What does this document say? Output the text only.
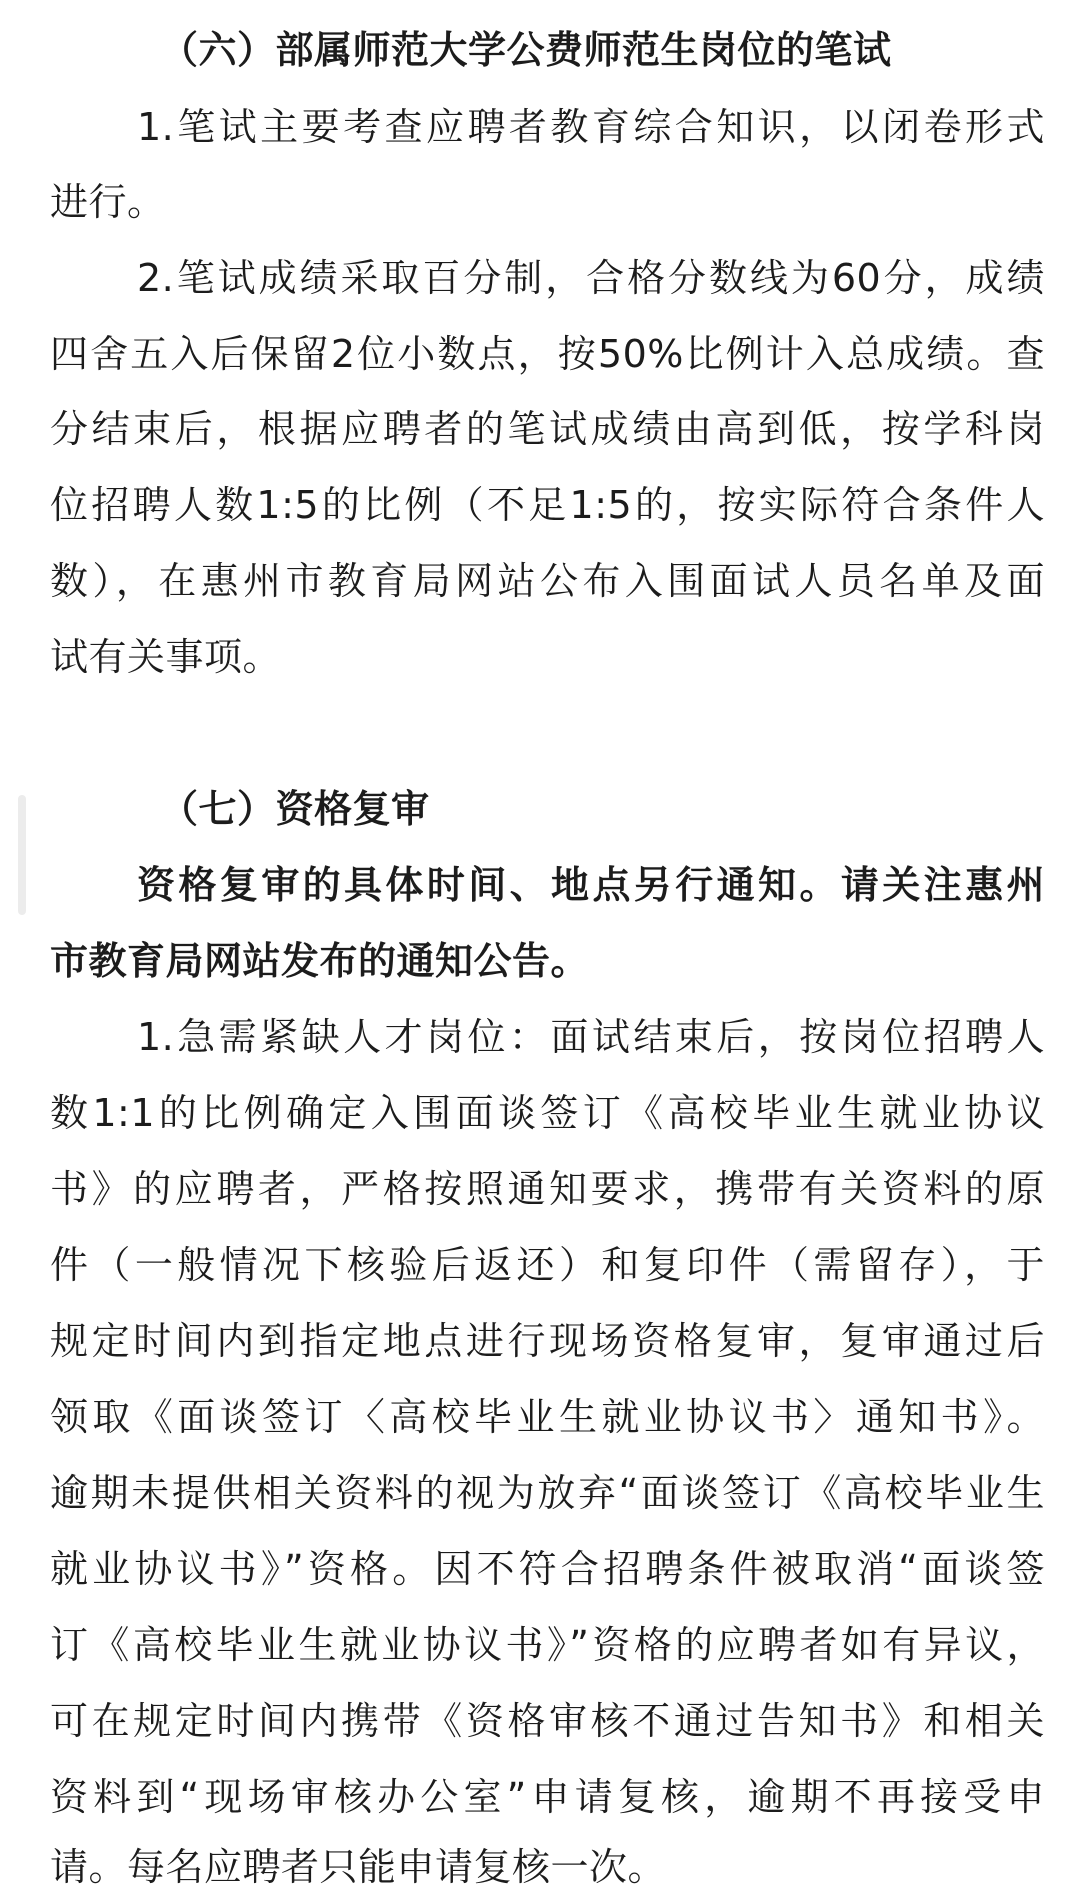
（六）部属师范大学公费师范生岗位的笔试
1.笔试主要考查应聘者教育综合知识，以闭卷形式
进行。
2.笔试成绩采取百分制，合格分数线为60分，成绩
四舍五入后保留2位小数点，按50%比例计入总成绩。查
分结束后，根据应聘者的笔试成绩由高到低，按学科岗
位招聘人数1:5的比例（不足1:5的，按实际符合条件人
数），在惠州市教育局网站公布入围面试人员名单及面
试有关事项。
（七）资格复审
资格复审的具体时间、地点另行通知。请关注惠州
市教育局网站发布的通知公告。
1.急需紧缺人才岗位：面试结束后，按岗位招聘人
数1:1的比例确定入围面谈签订《高校毕业生就业协议
书》的应聘者，严格按照通知要求，携带有关资料的原
件（一般情况下核验后返还）和复印件（需留存），于
规定时间内到指定地点进行现场资格复审，复审通过后
领取《面谈签订〈高校毕业生就业协议书〉通知书》。
逾期未提供相关资料的视为放弃“面谈签订《高校毕业生
就业协议书》”资格。因不符合招聘条件被取消“面谈签
订《高校毕业生就业协议书》”资格的应聘者如有异议，
可在规定时间内携带《资格审核不通过告知书》和相关
资料到“现场审核办公室”申请复核，逾期不再接受申
请。每名应聘者只能申请复核一次。
